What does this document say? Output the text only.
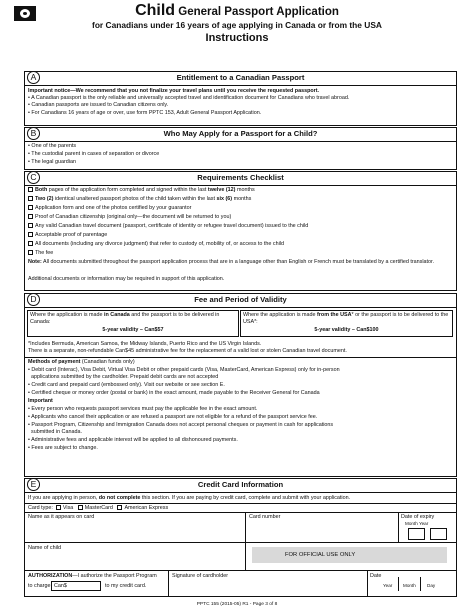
Child General Passport Application
for Canadians under 16 years of age applying in Canada or from the USA
Instructions
A	Entitlement to a Canadian Passport
Important notice—We recommend that you not finalize your travel plans until you receive the requested passport.
• A Canadian passport is the only reliable and universally accepted travel and identification document for Canadians who travel abroad.
• Canadian passports are issued to Canadian citizens only.
• For Canadians 16 years of age or over, use form PPTC 153, Adult General Passport Application.
B	Who May Apply for a Passport for a Child?
• One of the parents
• The custodial parent in cases of separation or divorce
• The legal guardian
C	Requirements Checklist
Both pages of the application form completed and signed within the last twelve (12) months
Two (2) identical unaltered passport photos of the child taken within the last six (6) months
Application form and one of the photos certified by your guarantor
Proof of Canadian citizenship (original only—the document will be returned to you)
Any valid Canadian travel document (passport, certificate of identity or refugee travel document) issued to the child
Acceptable proof of parentage
All documents (including any divorce judgment) that refer to custody of, mobility of, or access to the child
The fee
Note: All documents submitted throughout the passport application process that are in a language other than English or French must be translated by a certified translator.
Additional documents or information may be required in support of this application.
D	Fee and Period of Validity
Where the application is made in Canada and the passport is to be delivered in Canada:
5-year validity – Can$57
Where the application is made from the USA* or the passport is to be delivered to the USA*:
5-year validity – Can$100
*Includes Bermuda, American Samoa, the Midway Islands, Puerto Rico and the US Virgin Islands.
There is a separate, non-refundable Can$45 administrative fee for the replacement of a valid lost or stolen Canadian travel document.
Methods of payment (Canadian funds only)
• Debit card (Interac), Visa Debit, Virtual Visa Debit or other prepaid cards (Visa, MasterCard, American Express) only for in-person
applications submitted by the cardholder. Prepaid debit cards are not accepted
• Credit card and prepaid card (embossed only). Visit our website or see section E.
• Certified cheque or money order (postal or bank) in the exact amount, made payable to the Receiver General for Canada
Important
• Every person who requests passport services must pay the applicable fee in the exact amount.
• Applicants who cancel their application or are refused a passport are not eligible for a refund of the passport service fee.
• Passport Program, Citizenship and Immigration Canada does not accept personal cheques or payment in cash for applications
submitted in Canada.
• Administrative fees and applicable interest will be applied to all dishonoured payments.
• Fees are subject to change.
E	Credit Card Information
If you are applying in person, do not complete this section. If you are paying by credit card, complete and submit with your application.
Card type: Visa MasterCard American Express
Name as it appears on card	Card number	Date of expiry
Month Year
Name of child
FOR OFFICIAL USE ONLY
AUTHORIZATION—I authorize the Passport Program
to charge Can$	to my credit card.
Signature of cardholder	Date
Year Month Day
PPTC 155 (2015-05) R1 - Page 3 of 8
